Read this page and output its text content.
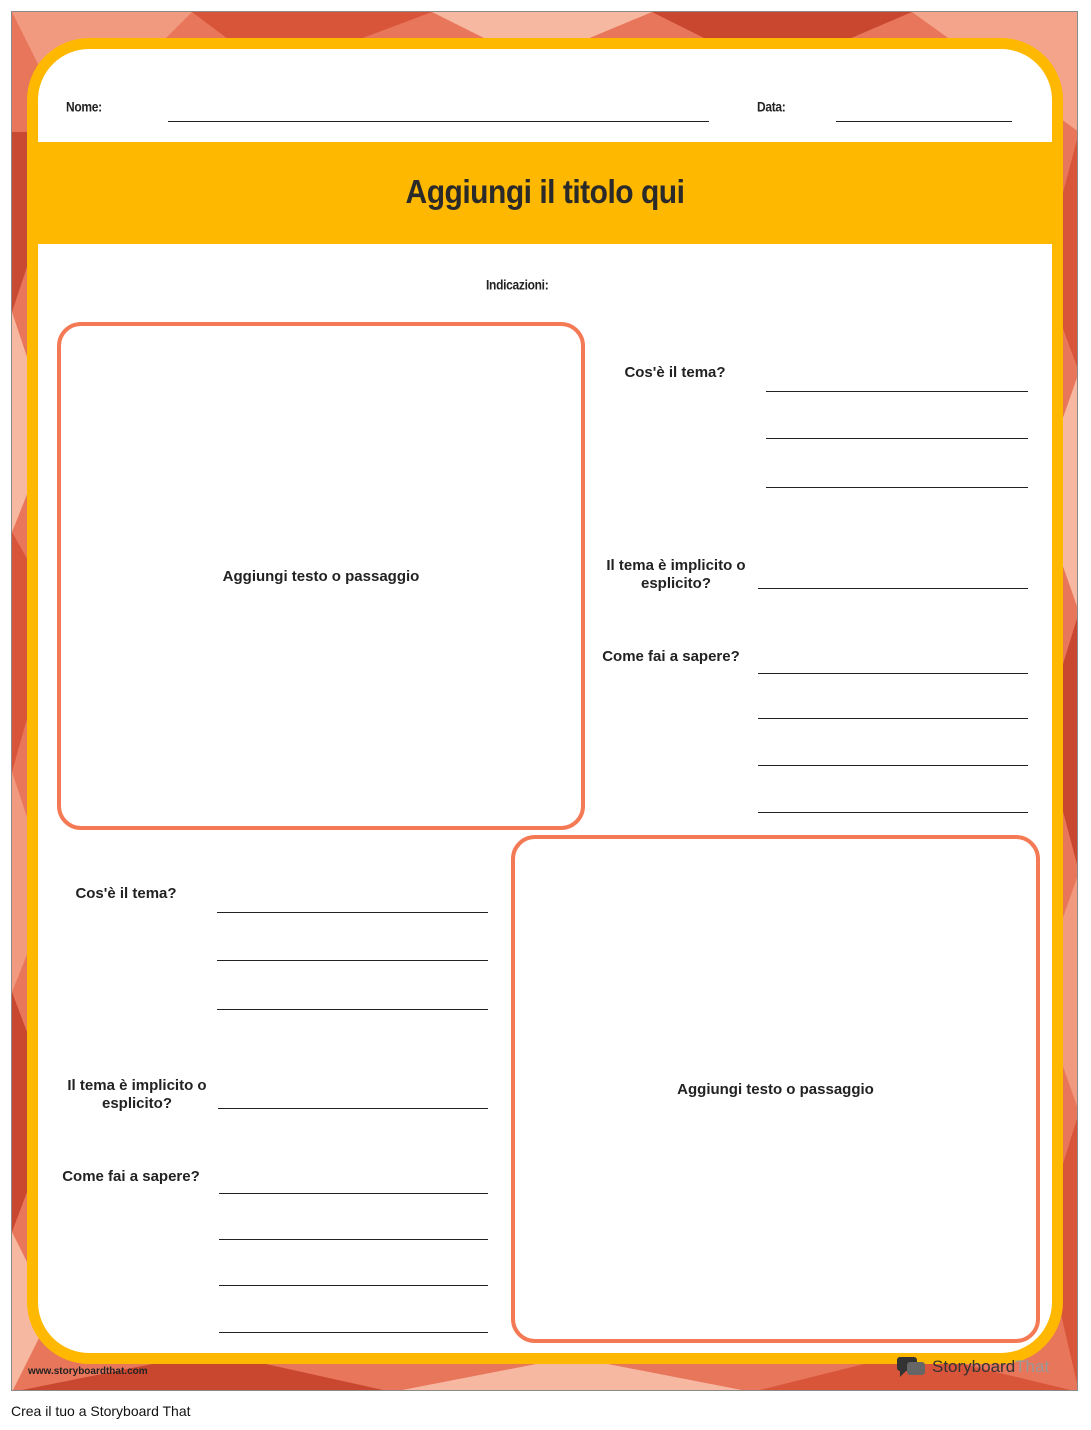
Aggiungi il titolo qui
Nome:	Data:
Indicazioni:
Aggiungi testo o passaggio
Cos'è il tema?
Il tema è implicito o esplicito?
Come fai a sapere?
Cos'è il tema?
Il tema è implicito o esplicito?
Come fai a sapere?
Aggiungi testo o passaggio
www.storyboardthat.com	StoryboardThat
Crea il tuo a Storyboard That
